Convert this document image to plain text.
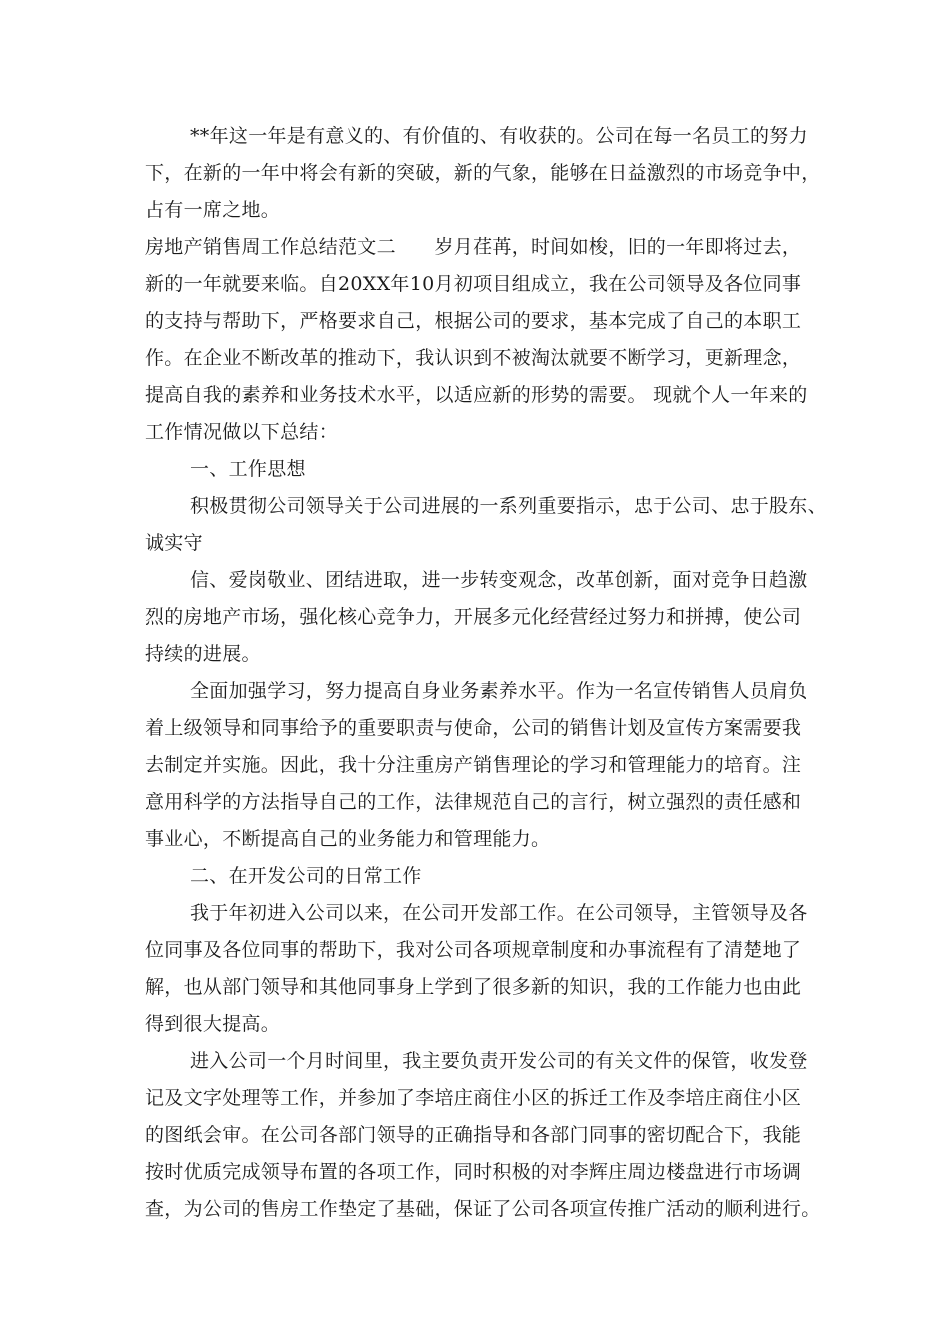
**年这一年是有意义的、有价值的、有收获的。公司在每一名员工的努力
下，在新的一年中将会有新的突破，新的气象，能够在日益激烈的市场竞争中，
占有一席之地。
房地产销售周工作总结范文二　　岁月荏苒，时间如梭，旧的一年即将过去，
新的一年就要来临。自20XX年10月初项目组成立，我在公司领导及各位同事
的支持与帮助下，严格要求自己，根据公司的要求，基本完成了自己的本职工
作。在企业不断改革的推动下，我认识到不被淘汰就要不断学习，更新理念，
提高自我的素养和业务技术水平，以适应新的形势的需要。 现就个人一年来的
工作情况做以下总结：
一、工作思想
积极贯彻公司领导关于公司进展的一系列重要指示，忠于公司、忠于股东、
诚实守
信、爱岗敬业、团结进取，进一步转变观念，改革创新，面对竞争日趋激
烈的房地产市场，强化核心竞争力，开展多元化经营经过努力和拼搏，使公司
持续的进展。
全面加强学习，努力提高自身业务素养水平。作为一名宣传销售人员肩负
着上级领导和同事给予的重要职责与使命，公司的销售计划及宣传方案需要我
去制定并实施。因此，我十分注重房产销售理论的学习和管理能力的培育。注
意用科学的方法指导自己的工作，法律规范自己的言行，树立强烈的责任感和
事业心，不断提高自己的业务能力和管理能力。
二、在开发公司的日常工作
我于年初进入公司以来，在公司开发部工作。在公司领导，主管领导及各
位同事及各位同事的帮助下，我对公司各项规章制度和办事流程有了清楚地了
解，也从部门领导和其他同事身上学到了很多新的知识，我的工作能力也由此
得到很大提高。
进入公司一个月时间里，我主要负责开发公司的有关文件的保管，收发登
记及文字处理等工作，并参加了李培庄商住小区的拆迁工作及李培庄商住小区
的图纸会审。在公司各部门领导的正确指导和各部门同事的密切配合下，我能
按时优质完成领导布置的各项工作，同时积极的对李辉庄周边楼盘进行市场调
查，为公司的售房工作垫定了基础，保证了公司各项宣传推广活动的顺利进行。
